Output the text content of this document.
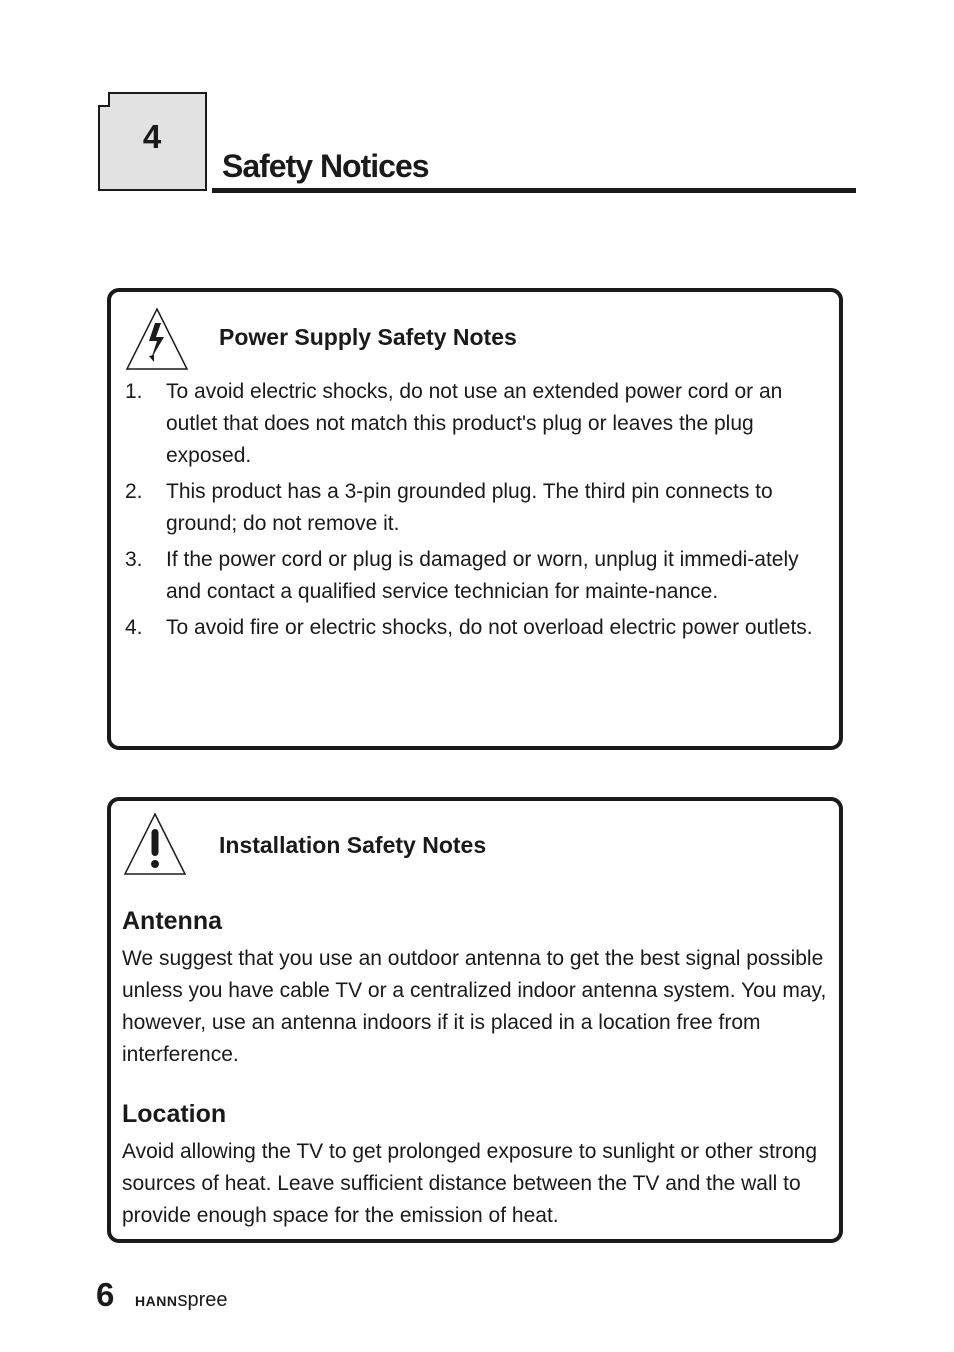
4
Safety Notices
Power Supply Safety Notes
1. To avoid electric shocks, do not use an extended power cord or an outlet that does not match this product's plug or leaves the plug exposed.
2. This product has a 3-pin grounded plug. The third pin connects to ground; do not remove it.
3. If the power cord or plug is damaged or worn, unplug it immedi-ately and contact a qualified service technician for mainte-nance.
4. To avoid fire or electric shocks, do not overload electric power outlets.
Installation Safety Notes
Antenna

We suggest that you use an outdoor antenna to get the best signal possible unless you have cable TV or a centralized indoor antenna system. You may, however, use an antenna indoors if it is placed in a location free from interference.

Location

Avoid allowing the TV to get prolonged exposure to sunlight or other strong sources of heat. Leave sufficient distance between the TV and the wall to provide enough space for the emission of heat.

6 HANNspree
